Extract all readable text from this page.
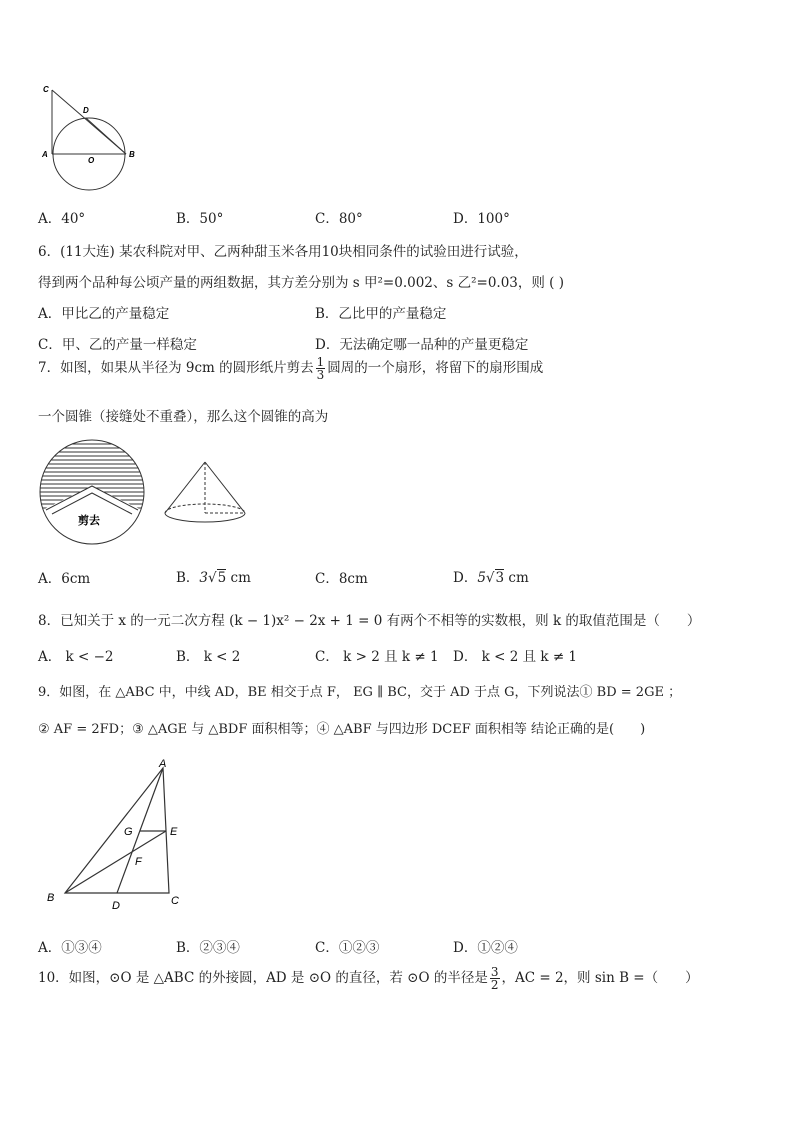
C
D
A
O
B
A．40°	B．50°	C．80°	D．100°
6．(11大连) 某农科院对甲、乙两种甜玉米各用10块相同条件的试验田进行试验，
得到两个品种每公顷产量的两组数据，其方差分别为 s 甲²=0.002、s 乙²=0.03，则 ( )
A．甲比乙的产量稳定	B．乙比甲的产量稳定
C．甲、乙的产量一样稳定	D．无法确定哪一品种的产量更稳定
7．如图，如果从半径为 9cm 的圆形纸片剪去 $\frac{1}{3}$ 圆周的一个扇形，将留下的扇形围成
一个圆锥（接缝处不重叠），那么这个圆锥的高为
剪去
A．6cm	B．3√5 cm	C．8cm	D．5√3 cm
8．已知关于 x 的一元二次方程 (k − 1)x² − 2x + 1 = 0 有两个不相等的实数根，则 k 的取值范围是（　　）
A． k < −2	B． k < 2	C． k > 2 且 k ≠ 1 D． k < 2 且 k ≠ 1
9．如图，在 △ABC 中，中线 AD，BE 相交于点 F， EG ∥ BC，交于 AD 于点 G，下列说法① BD = 2GE ；
② AF = 2FD；③ △AGE 与 △BDF 面积相等；④ △ABF 与四边形 DCEF 面积相等 结论正确的是(　　)
A
E
G
F
B
D	C
A．①③④	B．②③④	C．①②③	D．①②④
10．如图，⊙O 是 △ABC 的外接圆，AD 是 ⊙O 的直径，若 ⊙O 的半径是 $\frac{3}{2}$ ，AC = 2，则 sin B =（　　）
